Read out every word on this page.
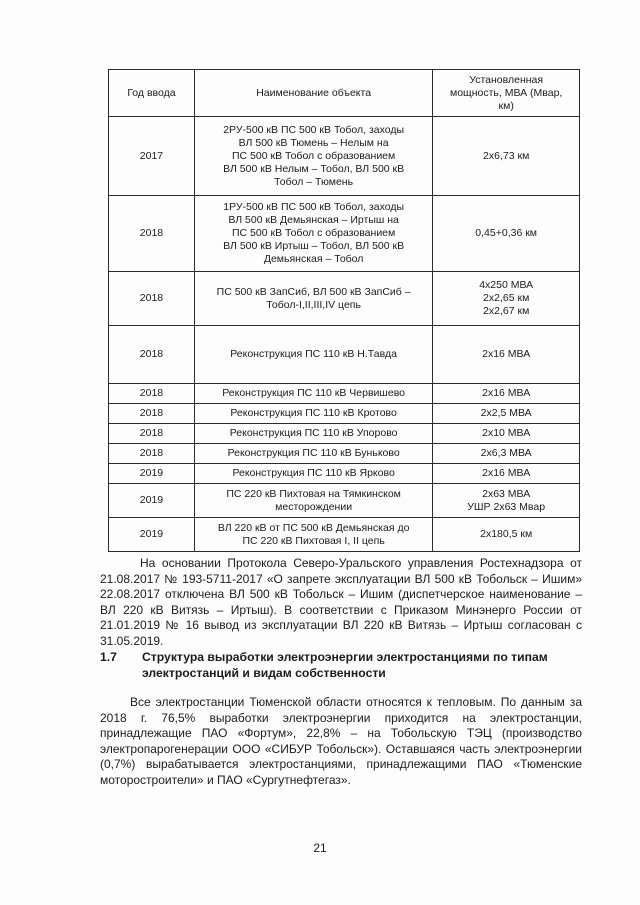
Год ввода	Наименование объекта	Установленная
мощность, МВА (Мвар,
км)

2017	2РУ-500 кВ ПС 500 кВ Тобол, заходы
ВЛ 500 кВ Тюмень – Нелым на
ПС 500 кВ Тобол с образованием
ВЛ 500 кВ Нелым – Тобол, ВЛ 500 кВ
Тобол – Тюмень	2х6,73 км

2018	1РУ-500 кВ ПС 500 кВ Тобол, заходы
ВЛ 500 кВ Демьянская – Иртыш на
ПС 500 кВ Тобол с образованием
ВЛ 500 кВ Иртыш – Тобол, ВЛ 500 кВ
Демьянская – Тобол	0,45+0,36 км

2018	ПС 500 кВ ЗапСиб, ВЛ 500 кВ ЗапСиб –
Тобол-I,II,III,IV цепь	4х250 МВА
2х2,65 км
2х2,67 км

2018	Реконструкция ПС 110 кВ Н.Тавда	2х16 МВА

2018	Реконструкция ПС 110 кВ Червишево	2х16 МВА

2018	Реконструкция ПС 110 кВ Кротово	2х2,5 МВА

2018	Реконструкция ПС 110 кВ Упорово	2х10 МВА

2018	Реконструкция ПС 110 кВ Буньково	2х6,3 МВА

2019	Реконструкция ПС 110 кВ Ярково	2х16 МВА

2019	ПС 220 кВ Пихтовая на Тямкинском
месторождении	2х63 МВА
УШР 2х63 Мвар

2019	ВЛ 220 кВ от ПС 500 кВ Демьянская до
ПС 220 кВ Пихтовая I, II цепь	2х180,5 км
На основании Протокола Северо-Уральского управления Ростехнадзора от 21.08.2017 № 193-5711-2017 «О запрете эксплуатации ВЛ 500 кВ Тобольск – Ишим» 22.08.2017 отключена ВЛ 500 кВ Тобольск – Ишим (диспетчерское наименование – ВЛ 220 кВ Витязь – Иртыш). В соответствии с Приказом Минэнерго России от 21.01.2019 № 16 вывод из эксплуатации ВЛ 220 кВ Витязь – Иртыш согласован с 31.05.2019.
1.7	Структура выработки электроэнергии электростанциями по типам электростанций и видам собственности
Все электростанции Тюменской области относятся к тепловым. По данным за 2018 г. 76,5% выработки электроэнергии приходится на электростанции, принадлежащие ПАО «Фортум», 22,8% – на Тобольскую ТЭЦ (производство электропарогенерации ООО «СИБУР Тобольск»). Оставшаяся часть электроэнергии (0,7%) вырабатывается электростанциями, принадлежащими ПАО «Тюменские моторостроители» и ПАО «Сургутнефтегаз».
21
